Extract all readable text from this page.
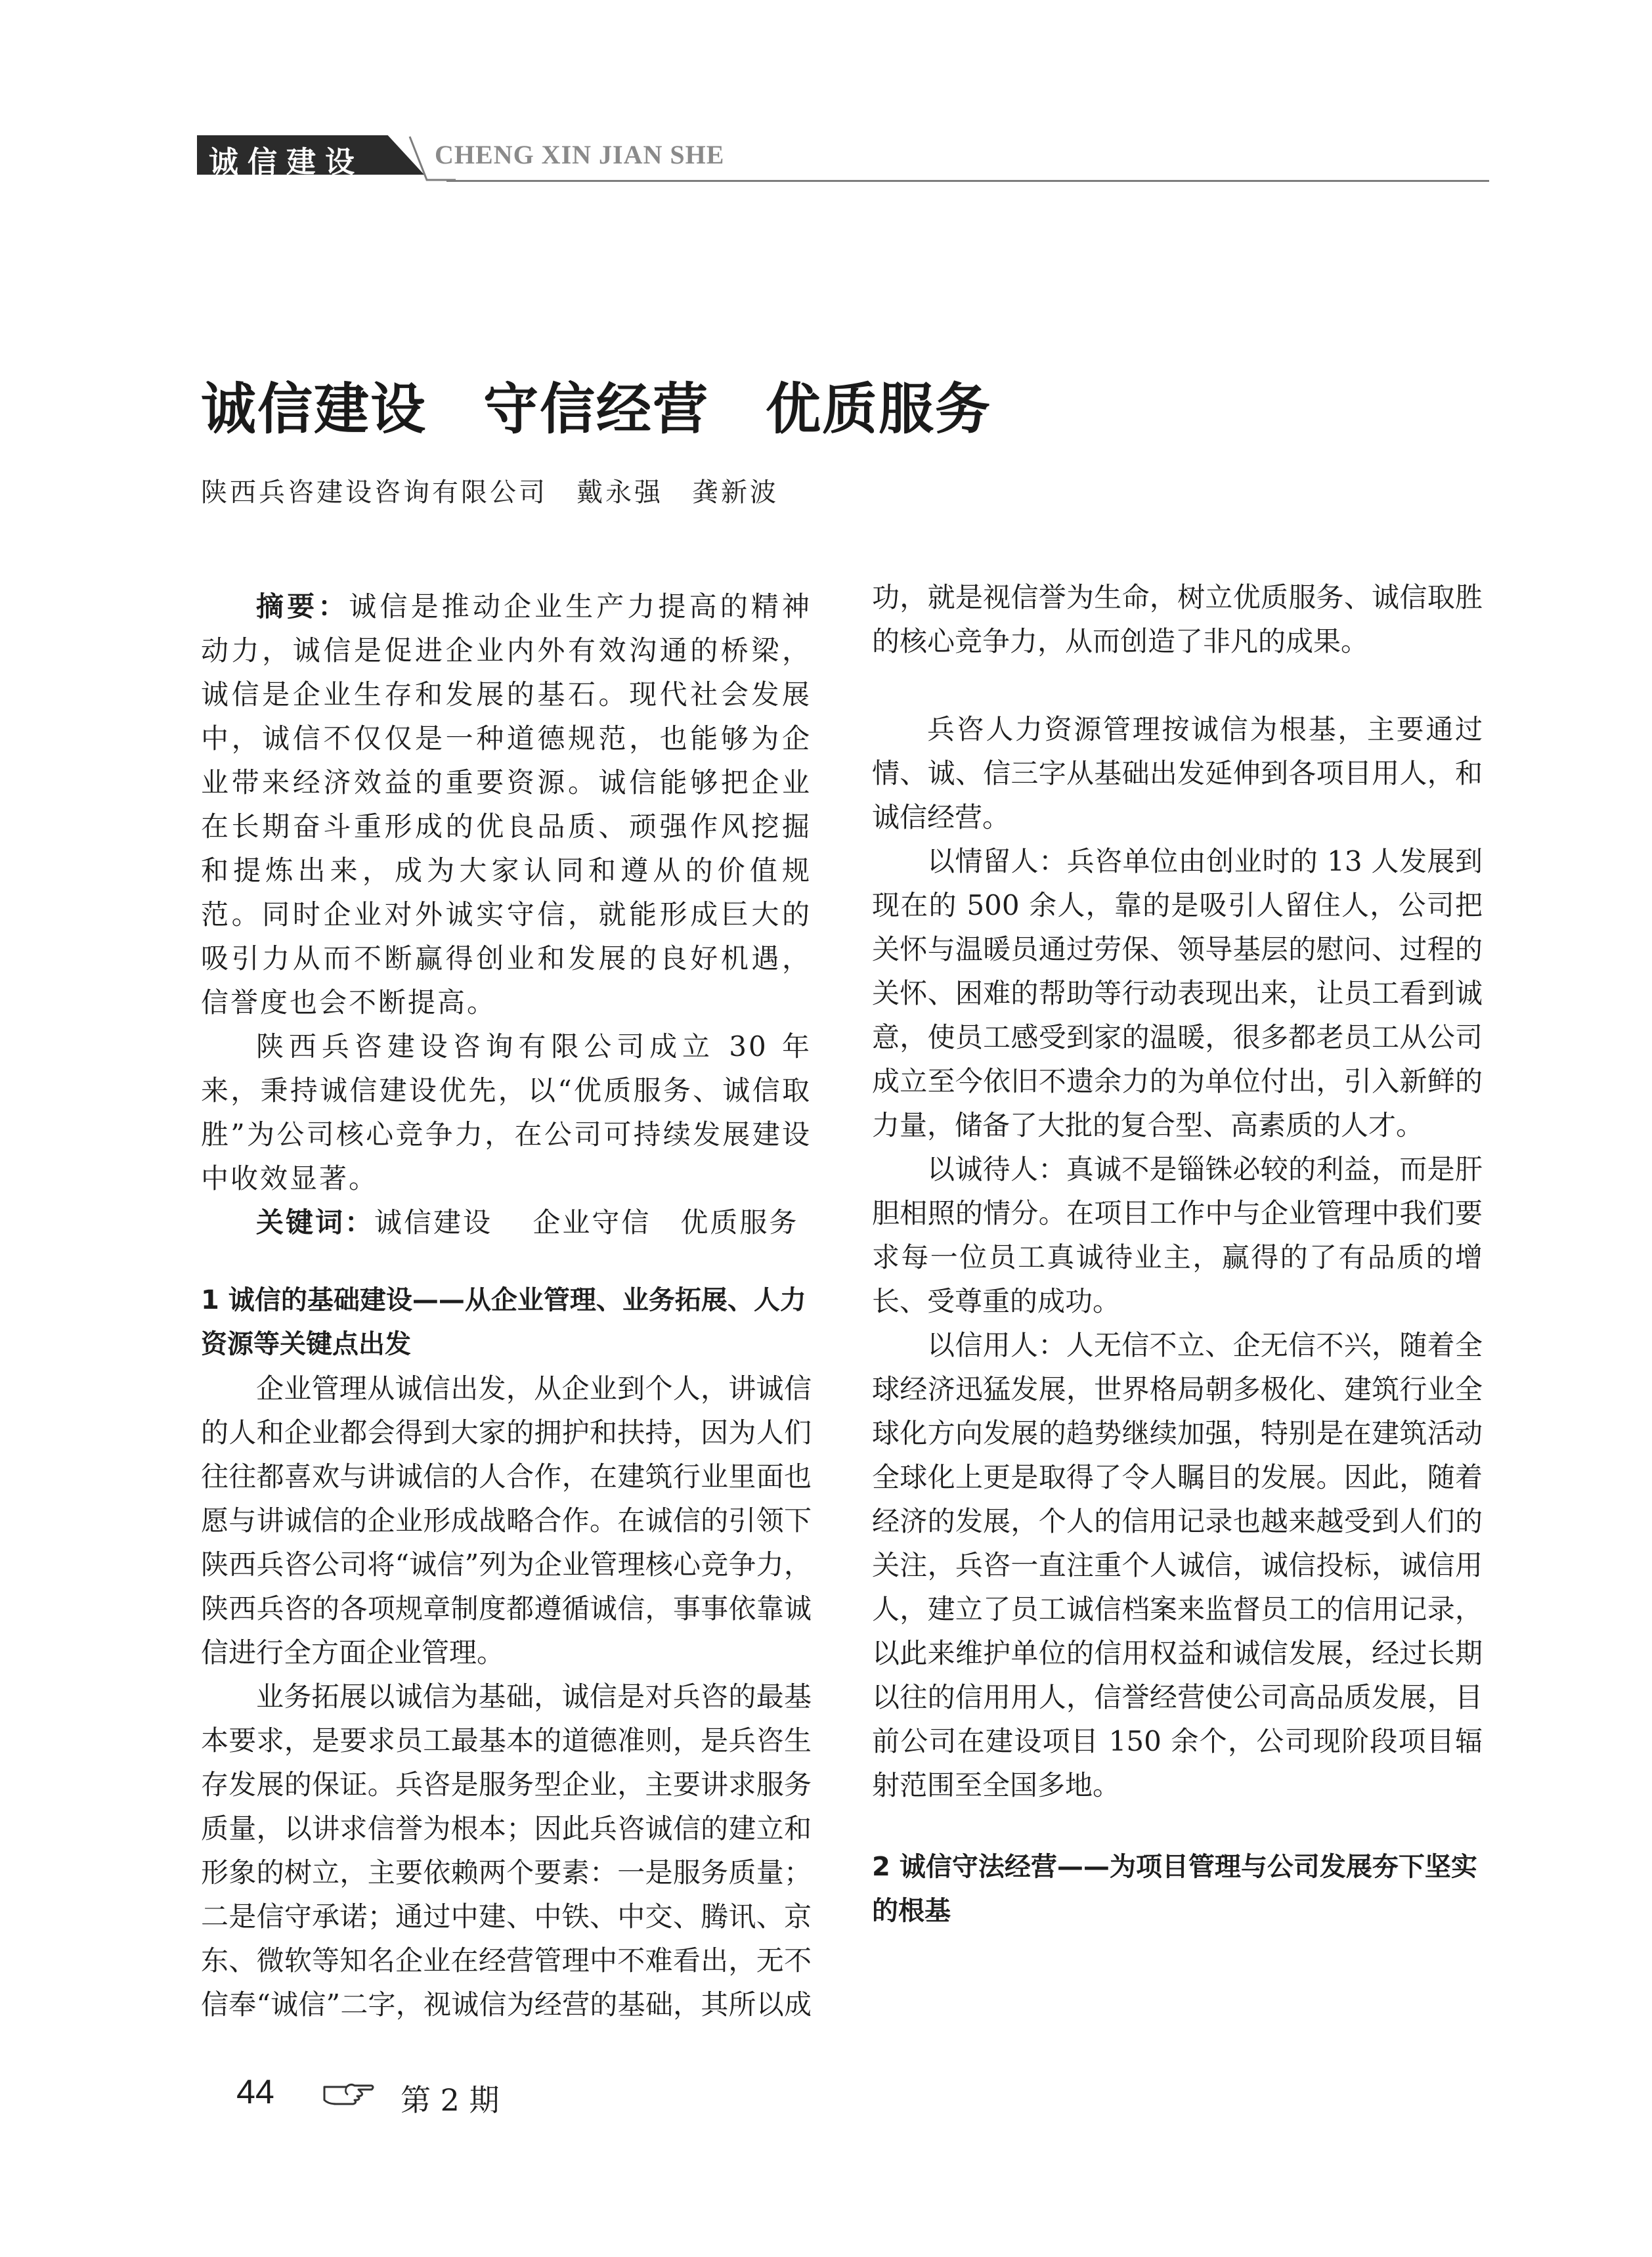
诚信建设	CHENG XIN JIAN SHE
诚信建设　守信经营　优质服务
陕西兵咨建设咨询有限公司　戴永强　龚新波

摘要：诚信是推动企业生产力提高的精神动力，诚信是促进企业内外有效沟通的桥梁，诚信是企业生存和发展的基石。现代社会发展中，诚信不仅仅是一种道德规范，也能够为企业带来经济效益的重要资源。诚信能够把企业在长期奋斗重形成的优良品质、顽强作风挖掘和提炼出来，成为大家认同和遵从的价值规范。同时企业对外诚实守信，就能形成巨大的吸引力从而不断赢得创业和发展的良好机遇，信誉度也会不断提高。

陕西兵咨建设咨询有限公司成立 30 年来，秉持诚信建设优先，以“优质服务、诚信取胜”为公司核心竞争力，在公司可持续发展建设中收效显著。

关键词：诚信建设　 企业守信　优质服务

1 诚信的基础建设——从企业管理、业务拓展、人力资源等关键点出发

企业管理从诚信出发，从企业到个人，讲诚信的人和企业都会得到大家的拥护和扶持，因为人们往往都喜欢与讲诚信的人合作，在建筑行业里面也愿与讲诚信的企业形成战略合作。在诚信的引领下陕西兵咨公司将“诚信”列为企业管理核心竞争力，陕西兵咨的各项规章制度都遵循诚信，事事依靠诚信进行全方面企业管理。

业务拓展以诚信为基础，诚信是对兵咨的最基本要求，是要求员工最基本的道德准则，是兵咨生存发展的保证。兵咨是服务型企业，主要讲求服务质量，以讲求信誉为根本；因此兵咨诚信的建立和形象的树立，主要依赖两个要素：一是服务质量；二是信守承诺；通过中建、中铁、中交、腾讯、京东、微软等知名企业在经营管理中不难看出，无不信奉“诚信”二字，视诚信为经营的基础，其所以成

功，就是视信誉为生命，树立优质服务、诚信取胜的核心竞争力，从而创造了非凡的成果。

兵咨人力资源管理按诚信为根基，主要通过情、诚、信三字从基础出发延伸到各项目用人，和诚信经营。

以情留人：兵咨单位由创业时的 13 人发展到现在的 500 余人，靠的是吸引人留住人，公司把关怀与温暖员通过劳保、领导基层的慰问、过程的关怀、困难的帮助等行动表现出来，让员工看到诚意，使员工感受到家的温暖，很多都老员工从公司成立至今依旧不遗余力的为单位付出，引入新鲜的力量，储备了大批的复合型、高素质的人才。

以诚待人：真诚不是锱铢必较的利益，而是肝胆相照的情分。在项目工作中与企业管理中我们要求每一位员工真诚待业主，赢得的了有品质的增长、受尊重的成功。

以信用人：人无信不立、企无信不兴，随着全球经济迅猛发展，世界格局朝多极化、建筑行业全球化方向发展的趋势继续加强，特别是在建筑活动全球化上更是取得了令人瞩目的发展。因此，随着经济的发展，个人的信用记录也越来越受到人们的关注，兵咨一直注重个人诚信，诚信投标，诚信用人，建立了员工诚信档案来监督员工的信用记录，以此来维护单位的信用权益和诚信发展，经过长期以往的信用用人，信誉经营使公司高品质发展，目前公司在建设项目 150 余个，公司现阶段项目辐射范围至全国多地。

2 诚信守法经营——为项目管理与公司发展夯下坚实的根基

44	第 2 期
